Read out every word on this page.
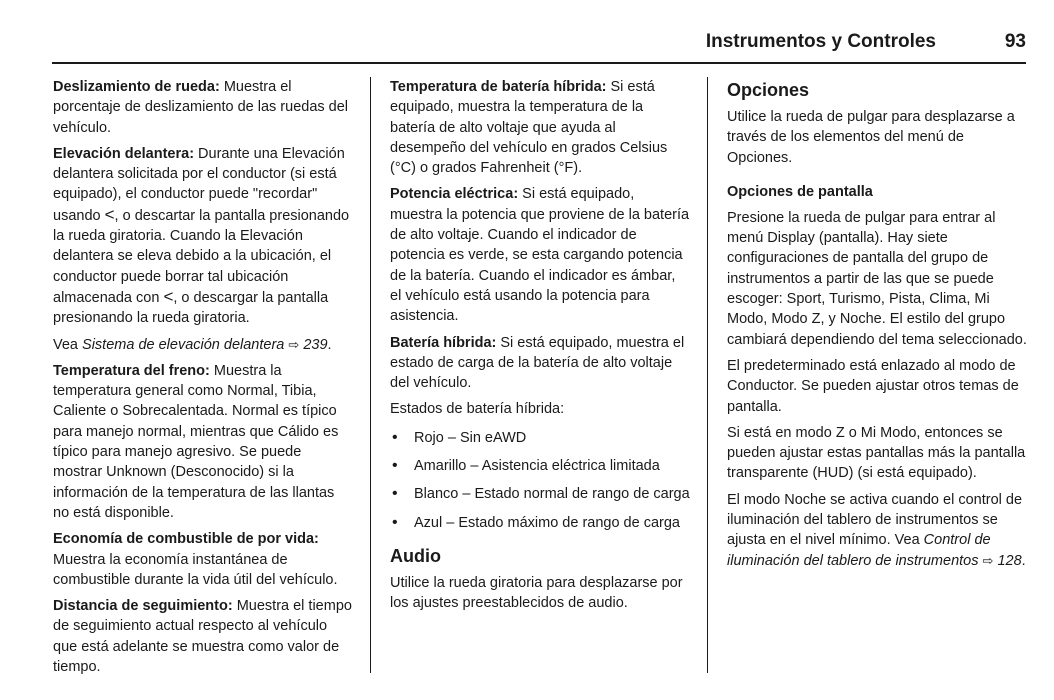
Instrumentos y Controles	93

Deslizamiento de rueda: Muestra el porcentaje de deslizamiento de las ruedas del vehículo.

Elevación delantera: Durante una Elevación delantera solicitada por el conductor (si está equipado), el conductor puede "recordar" usando <, o descartar la pantalla presionando la rueda giratoria. Cuando la Elevación delantera se eleva debido a la ubicación, el conductor puede borrar tal ubicación almacenada con <, o descargar la pantalla presionando la rueda giratoria.

Vea Sistema de elevación delantera ⇨ 239.

Temperatura del freno: Muestra la temperatura general como Normal, Tibia, Caliente o Sobrecalentada. Normal es típico para manejo normal, mientras que Cálido es típico para manejo agresivo. Se puede mostrar Unknown (Desconocido) si la información de la temperatura de las llantas no está disponible.

Economía de combustible de por vida: Muestra la economía instantánea de combustible durante la vida útil del vehículo.

Distancia de seguimiento: Muestra el tiempo de seguimiento actual respecto al vehículo que está adelante se muestra como valor de tiempo.

Temperatura de batería híbrida: Si está equipado, muestra la temperatura de la batería de alto voltaje que ayuda al desempeño del vehículo en grados Celsius (°C) o grados Fahrenheit (°F).

Potencia eléctrica: Si está equipado, muestra la potencia que proviene de la batería de alto voltaje. Cuando el indicador de potencia es verde, se esta cargando potencia de la batería. Cuando el indicador es ámbar, el vehículo está usando la potencia para asistencia.

Batería híbrida: Si está equipado, muestra el estado de carga de la batería de alto voltaje del vehículo.

Estados de batería híbrida:

• Rojo – Sin eAWD
• Amarillo – Asistencia eléctrica limitada
• Blanco – Estado normal de rango de carga
• Azul – Estado máximo de rango de carga
Audio

Utilice la rueda giratoria para desplazarse por los ajustes preestablecidos de audio.

Opciones

Utilice la rueda de pulgar para desplazarse a través de los elementos del menú de Opciones.

Opciones de pantalla

Presione la rueda de pulgar para entrar al menú Display (pantalla). Hay siete configuraciones de pantalla del grupo de instrumentos a partir de las que se puede escoger: Sport, Turismo, Pista, Clima, Mi Modo, Modo Z, y Noche. El estilo del grupo cambiará dependiendo del tema seleccionado.

El predeterminado está enlazado al modo de Conductor. Se pueden ajustar otros temas de pantalla.

Si está en modo Z o Mi Modo, entonces se pueden ajustar estas pantallas más la pantalla transparente (HUD) (si está equipado).

El modo Noche se activa cuando el control de iluminación del tablero de instrumentos se ajusta en el nivel mínimo. Vea Control de iluminación del tablero de instrumentos ⇨ 128.
